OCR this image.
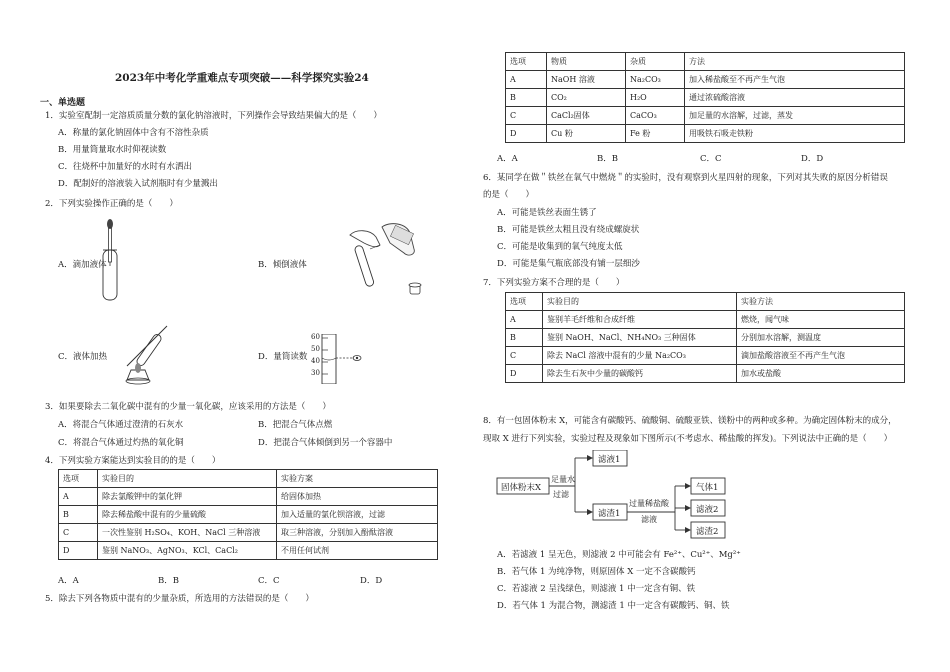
2023年中考化学重难点专项突破——科学探究实验24
一、单选题
1．实验室配制一定溶质质量分数的氯化钠溶液时，下列操作会导致结果偏大的是（　　）
A．称量的氯化钠固体中含有不溶性杂质
B．用量筒量取水时仰视读数
C．往烧杯中加量好的水时有水洒出
D．配制好的溶液装入试剂瓶时有少量溅出
2．下列实验操作正确的是（　　）
A．滴加液体	B．倾倒液体
C．液体加热	D．量筒读数
60
50
40
30
3．如果要除去二氧化碳中混有的少量一氧化碳，应该采用的方法是（　　）
A．将混合气体通过澄清的石灰水	B．把混合气体点燃
C．将混合气体通过灼热的氧化铜	D．把混合气体倾倒到另一个容器中
4．下列实验方案能达到实验目的的是（　　）
选项	实验目的	实验方案
A	除去氯酸钾中的氯化钾	给固体加热
B	除去稀盐酸中混有的少量硫酸	加入适量的氯化钡溶液，过滤
C	一次性鉴别 H₂SO₄、KOH、NaCl 三种溶液	取三种溶液，分别加入酚酞溶液
D	鉴别 NaNO₃、AgNO₃、KCl、CaCl₂	不用任何试剂
A．A	B．B	C．C	D．D
5．除去下列各物质中混有的少量杂质，所选用的方法错误的是（　　）
选项	物质	杂质	方法
A	NaOH 溶液	Na₂CO₃	加入稀盐酸至不再产生气泡
B	CO₂	H₂O	通过浓硫酸溶液
C	CaCl₂固体	CaCO₃	加足量的水溶解，过滤，蒸发
D	Cu 粉	Fe 粉	用吸铁石吸走铁粉
A．A	B．B	C．C	D．D
6．某同学在做＂铁丝在氧气中燃烧＂的实验时，没有观察到火星四射的现象，下列对其失败的原因分析错误
的是（　　）
A．可能是铁丝表面生锈了
B．可能是铁丝太粗且没有绕成螺旋状
C．可能是收集到的氧气纯度太低
D．可能是集气瓶底部没有铺一层细沙
7．下列实验方案不合理的是（　　）
选项	实验目的	实验方法
A	鉴别羊毛纤维和合成纤维	燃烧，闻气味
B	鉴别 NaOH、NaCl、NH₄NO₃ 三种固体	分别加水溶解，测温度
C	除去 NaCl 溶液中混有的少量 Na₂CO₃	滴加盐酸溶液至不再产生气泡
D	除去生石灰中少量的碳酸钙	加水或盐酸
8．有一包固体粉末 X，可能含有碳酸钙、硫酸铜、硫酸亚铁、镁粉中的两种或多种。为确定固体粉末的成分，
现取 X 进行下列实验，实验过程及现象如下图所示(不考虑水、稀盐酸的挥发)。下列说法中正确的是（　　）
固体粉末X
足量水
过滤
滤液1
滤渣1
过量稀盐酸
滤液
气体1
滤液2
滤渣2
A．若滤液 1 呈无色，则滤液 2 中可能会有 Fe²⁺、Cu²⁺、Mg²⁺
B．若气体 1 为纯净物，则原固体 X 一定不含碳酸钙
C．若滤液 2 呈浅绿色，则滤液 1 中一定含有铜、铁
D．若气体 1 为混合物，测滤渣 1 中一定含有碳酸钙、铜、铁
